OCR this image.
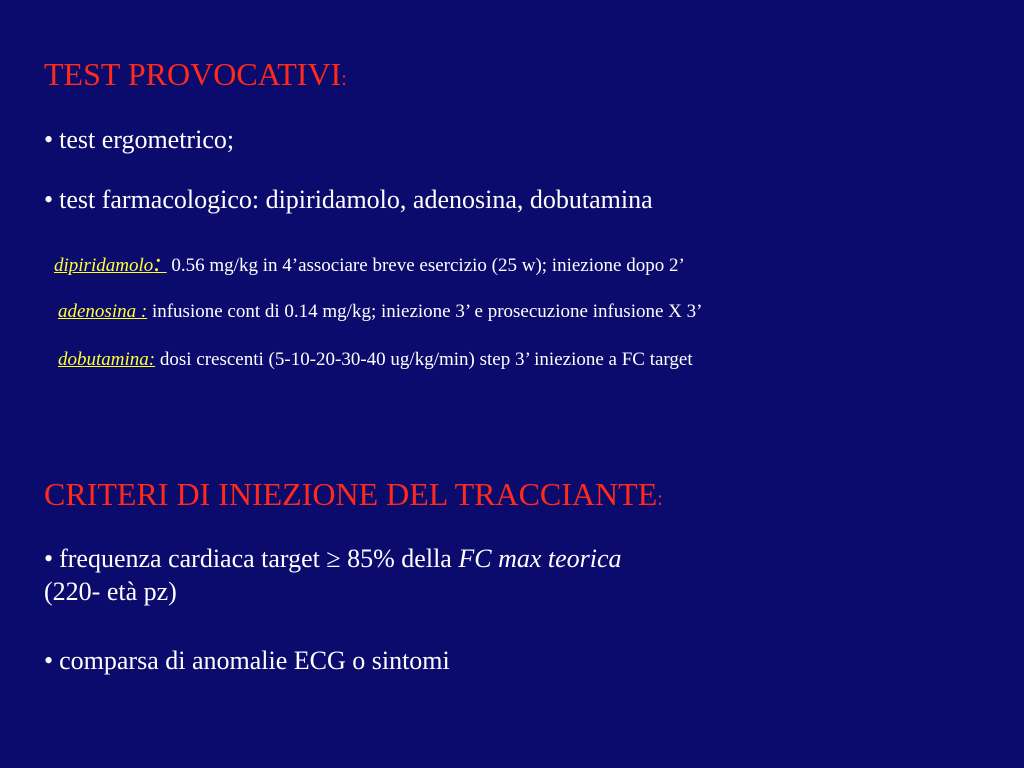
TEST PROVOCATIVI:
• test ergometrico;
• test farmacologico: dipiridamolo, adenosina, dobutamina
dipiridamolo: 0.56 mg/kg in 4’associare breve esercizio (25 w); iniezione dopo 2’
adenosina : infusione cont di 0.14 mg/kg; iniezione 3’ e prosecuzione infusione X 3’
dobutamina: dosi crescenti (5-10-20-30-40 ug/kg/min) step 3’ iniezione a FC target
CRITERI DI INIEZIONE DEL TRACCIANTE:
• frequenza cardiaca target ≥ 85% della FC max teorica
(220- età pz)
• comparsa di anomalie ECG o sintomi
